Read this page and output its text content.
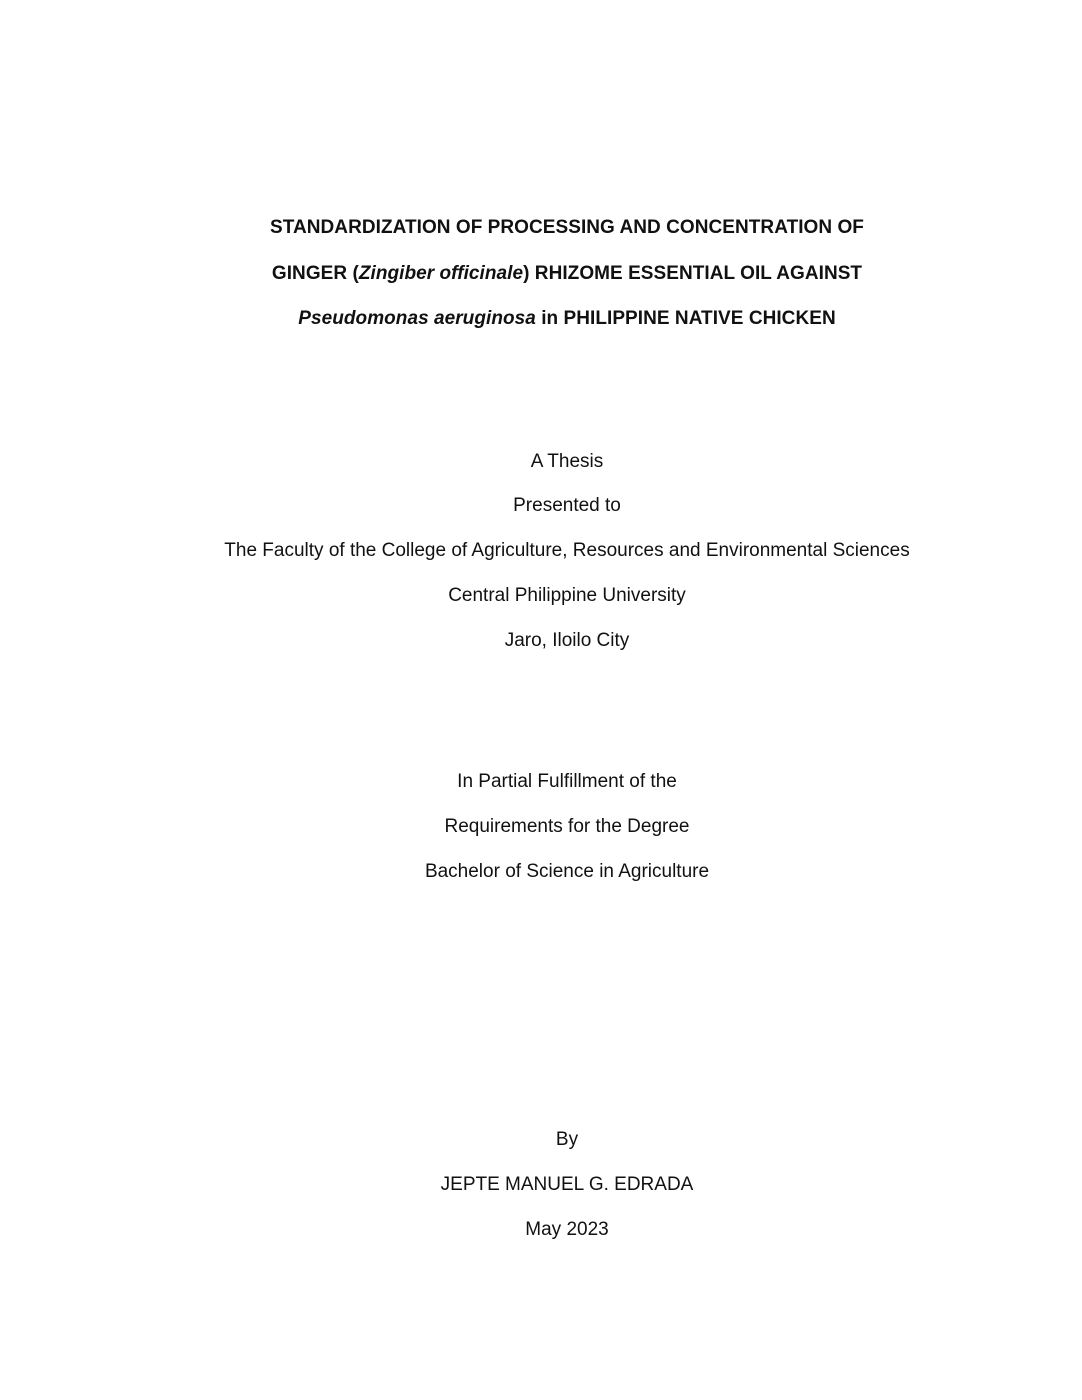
STANDARDIZATION OF PROCESSING AND CONCENTRATION OF
GINGER (Zingiber officinale) RHIZOME ESSENTIAL OIL AGAINST
Pseudomonas aeruginosa in PHILIPPINE NATIVE CHICKEN
A Thesis
Presented to
The Faculty of the College of Agriculture, Resources and Environmental Sciences
Central Philippine University
Jaro, Iloilo City
In Partial Fulfillment of the
Requirements for the Degree
Bachelor of Science in Agriculture
By
JEPTE MANUEL G. EDRADA
May 2023
